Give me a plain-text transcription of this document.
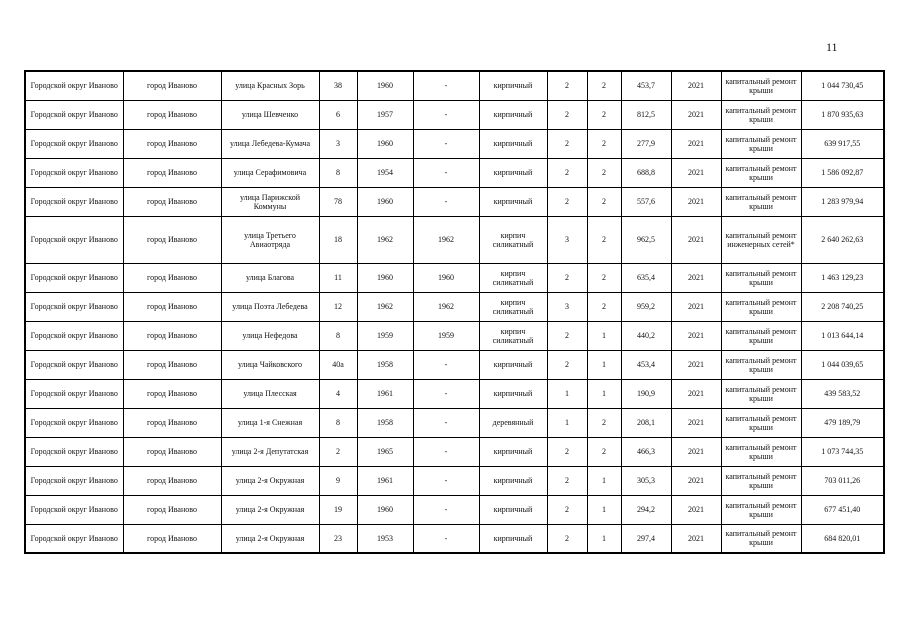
11
Городской округ Иваново	город Иваново	улица Красных Зорь	38	1960	-	кирпичный	2	2	453,7	2021	капитальный ремонт крыши	1 044 730,45
Городской округ Иваново	город Иваново	улица Шевченко	6	1957	-	кирпичный	2	2	812,5	2021	капитальный ремонт крыши	1 870 935,63
Городской округ Иваново	город Иваново	улица Лебедева-Кумача	3	1960	-	кирпичный	2	2	277,9	2021	капитальный ремонт крыши	639 917,55
Городской округ Иваново	город Иваново	улица Серафимовича	8	1954	-	кирпичный	2	2	688,8	2021	капитальный ремонт крыши	1 586 092,87
Городской округ Иваново	город Иваново	улица Парижской Коммуны	78	1960	-	кирпичный	2	2	557,6	2021	капитальный ремонт крыши	1 283 979,94
Городской округ Иваново	город Иваново	улица Третьего Авиаотряда	18	1962	1962	кирпич силикатный	3	2	962,5	2021	капитальный ремонт инженерных сетей*	2 640 262,63
Городской округ Иваново	город Иваново	улица Благова	11	1960	1960	кирпич силикатный	2	2	635,4	2021	капитальный ремонт крыши	1 463 129,23
Городской округ Иваново	город Иваново	улица Поэта Лебедева	12	1962	1962	кирпич силикатный	3	2	959,2	2021	капитальный ремонт крыши	2 208 740,25
Городской округ Иваново	город Иваново	улица Нефедова	8	1959	1959	кирпич силикатный	2	1	440,2	2021	капитальный ремонт крыши	1 013 644,14
Городской округ Иваново	город Иваново	улица Чайковского	40а	1958	-	кирпичный	2	1	453,4	2021	капитальный ремонт крыши	1 044 039,65
Городской округ Иваново	город Иваново	улица Плесская	4	1961	-	кирпичный	1	1	190,9	2021	капитальный ремонт крыши	439 583,52
Городской округ Иваново	город Иваново	улица 1-я Снежная	8	1958	-	деревянный	1	2	208,1	2021	капитальный ремонт крыши	479 189,79
Городской округ Иваново	город Иваново	улица 2-я Депутатская	2	1965	-	кирпичный	2	2	466,3	2021	капитальный ремонт крыши	1 073 744,35
Городской округ Иваново	город Иваново	улица 2-я Окружная	9	1961	-	кирпичный	2	1	305,3	2021	капитальный ремонт крыши	703 011,26
Городской округ Иваново	город Иваново	улица 2-я Окружная	19	1960	-	кирпичный	2	1	294,2	2021	капитальный ремонт крыши	677 451,40
Городской округ Иваново	город Иваново	улица 2-я Окружная	23	1953	-	кирпичный	2	1	297,4	2021	капитальный ремонт крыши	684 820,01
